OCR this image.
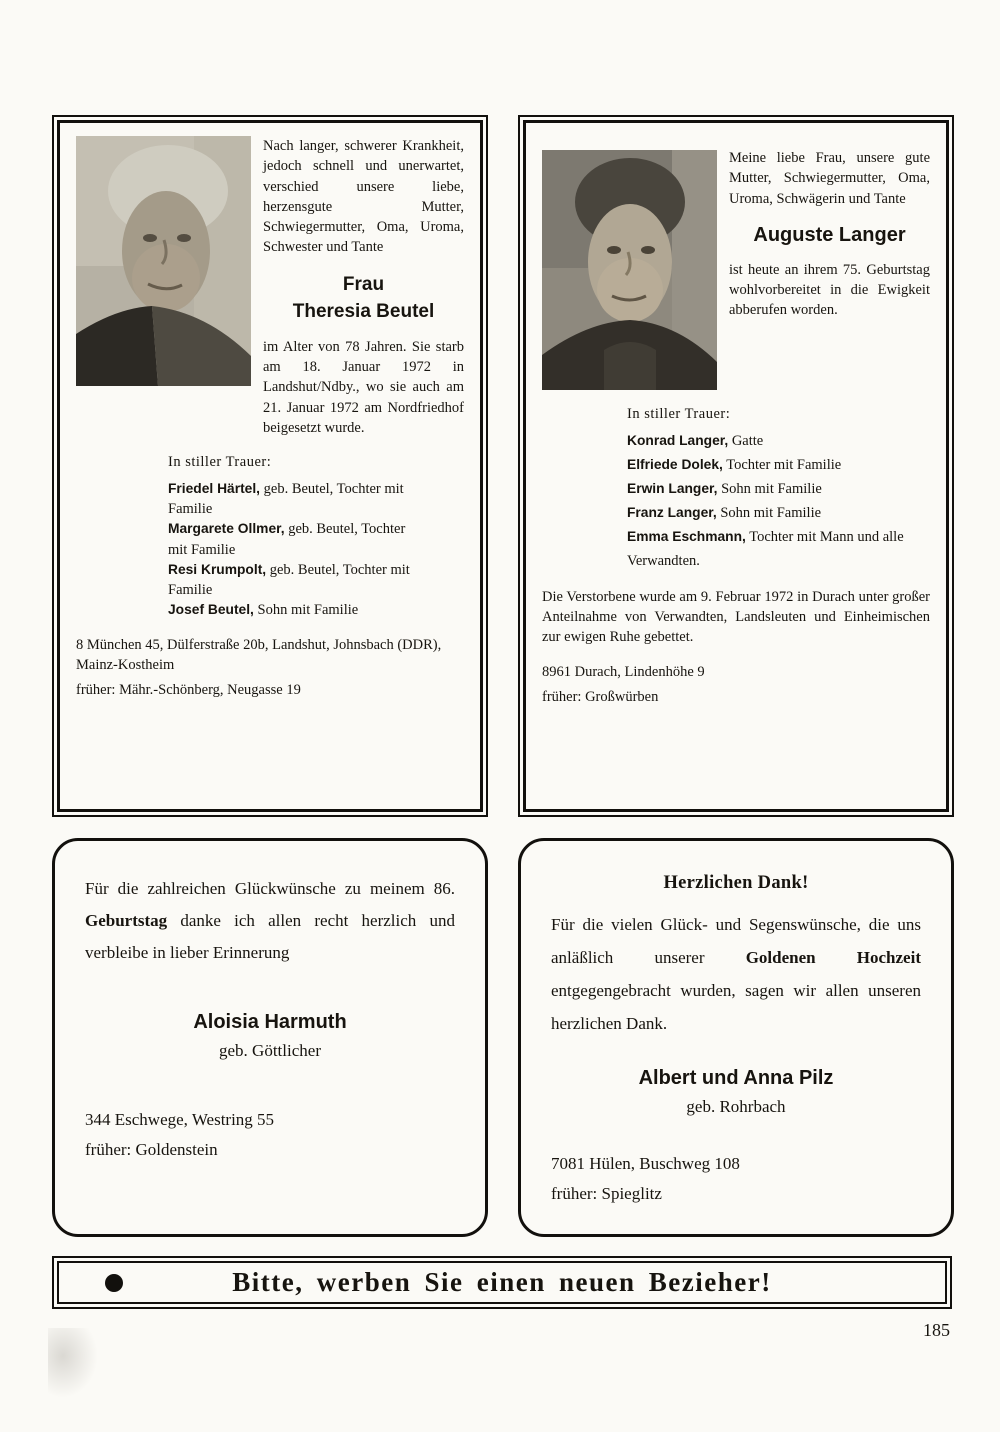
Nach langer, schwerer Krankheit, jedoch schnell und unerwartet, verschied unsere liebe, herzensgute Mutter, Schwiegermutter, Oma, Uroma, Schwester und Tante

Frau
Theresia Beutel

im Alter von 78 Jahren. Sie starb am 18. Januar 1972 in Landshut/Ndby., wo sie auch am 21. Januar 1972 am Nordfriedhof beigesetzt wurde.

In stiller Trauer:

Friedel Härtel, geb. Beutel, Tochter mit Familie

Margarete Ollmer, geb. Beutel, Tochter mit Familie

Resi Krumpolt, geb. Beutel, Tochter mit Familie

Josef Beutel, Sohn mit Familie

8 München 45, Dülferstraße 20b, Landshut, Johnsbach (DDR), Mainz-Kostheim

früher: Mähr.-Schönberg, Neugasse 19

Meine liebe Frau, unsere gute Mutter, Schwiegermutter, Oma, Uroma, Schwägerin und Tante

Auguste Langer

ist heute an ihrem 75. Geburtstag wohlvorbereitet in die Ewigkeit abberufen worden.

In stiller Trauer:

Konrad Langer, Gatte

Elfriede Dolek, Tochter mit Familie

Erwin Langer, Sohn mit Familie

Franz Langer, Sohn mit Familie

Emma Eschmann, Tochter mit Mann und alle Verwandten.

Die Verstorbene wurde am 9. Februar 1972 in Durach unter großer Anteilnahme von Verwandten, Landsleuten und Einheimischen zur ewigen Ruhe gebettet.

8961 Durach, Lindenhöhe 9

früher: Großwürben

Für die zahlreichen Glückwünsche zu meinem 86. Geburtstag danke ich allen recht herzlich und verbleibe in lieber Erinnerung

Aloisia Harmuth

geb. Göttlicher

344 Eschwege, Westring 55

früher: Goldenstein

Herzlichen Dank!

Für die vielen Glück- und Segenswünsche, die uns anläßlich unserer Goldenen Hochzeit entgegengebracht wurden, sagen wir allen unseren herzlichen Dank.

Albert und Anna Pilz

geb. Rohrbach

7081 Hülen, Buschweg 108

früher: Spieglitz

Bitte, werben Sie einen neuen Bezieher!
185
